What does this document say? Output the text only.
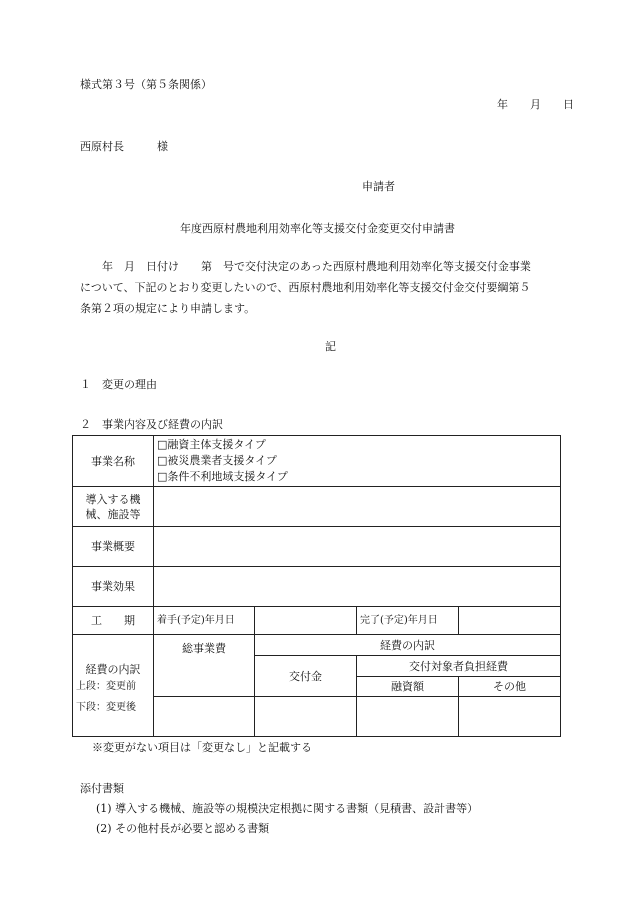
様式第３号（第５条関係）
年　　月　　日
西原村長　　　様
申請者
年度西原村農地利用効率化等支援交付金変更交付申請書
年　月　日付け　　第　号で交付決定のあった西原村農地利用効率化等支援交付金事業
について、下記のとおり変更したいので、西原村農地利用効率化等支援交付金交付要綱第５
条第２項の規定により申請します。
記
１　変更の理由
２　事業内容及び経費の内訳
事業名称	□融資主体支援タイプ
□被災農業者支援タイプ
□条件不利地域支援タイプ			

導入する機
械、施設等				

事業概要				
事業効果				
工　　期	着手(予定)年月日		完了(予定)年月日	
経費の内訳	総事業費	経費の内訳		
		交付金	交付対象者負担経費	
上段：変更前			融資額	その他
下段：変更後				
※変更がない項目は「変更なし」と記載する
添付書類
(1) 導入する機械、施設等の規模決定根拠に関する書類（見積書、設計書等）
(2) その他村長が必要と認める書類
